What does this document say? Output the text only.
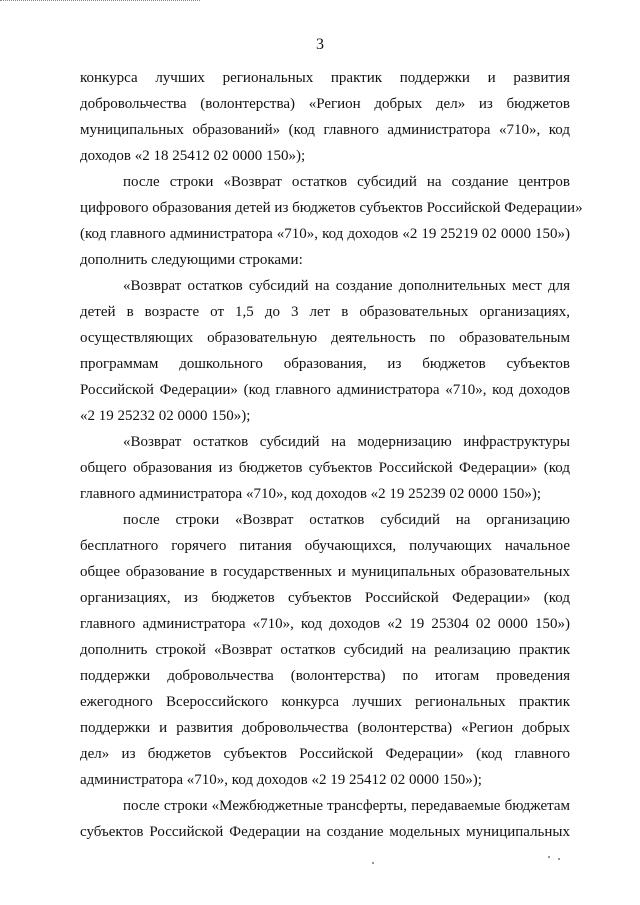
3
конкурса лучших региональных практик поддержки и развития
добровольчества (волонтерства) «Регион добрых дел» из бюджетов
муниципальных образований» (код главного администратора «710», код
доходов «2 18 25412 02 0000 150»);
после строки «Возврат остатков субсидий на создание центров
цифрового образования детей из бюджетов субъектов Российской Федерации»
(код главного администратора «710», код доходов «2 19 25219 02 0000 150»)
дополнить следующими строками:
«Возврат остатков субсидий на создание дополнительных мест для
детей в возрасте от 1,5 до 3 лет в образовательных организациях,
осуществляющих образовательную деятельность по образовательным
программам дошкольного образования, из бюджетов субъектов
Российской Федерации» (код главного администратора «710», код доходов
«2 19 25232 02 0000 150»);
«Возврат остатков субсидий на модернизацию инфраструктуры
общего образования из бюджетов субъектов Российской Федерации» (код
главного администратора «710», код доходов «2 19 25239 02 0000 150»);
после строки «Возврат остатков субсидий на организацию
бесплатного горячего питания обучающихся, получающих начальное
общее образование в государственных и муниципальных образовательных
организациях, из бюджетов субъектов Российской Федерации» (код
главного администратора «710», код доходов «2 19 25304 02 0000 150»)
дополнить строкой «Возврат остатков субсидий на реализацию практик
поддержки добровольчества (волонтерства) по итогам проведения
ежегодного Всероссийского конкурса лучших региональных практик
поддержки и развития добровольчества (волонтерства) «Регион добрых
дел» из бюджетов субъектов Российской Федерации» (код главного
администратора «710», код доходов «2 19 25412 02 0000 150»);
после строки «Межбюджетные трансферты, передаваемые бюджетам
субъектов Российской Федерации на создание модельных муниципальных
